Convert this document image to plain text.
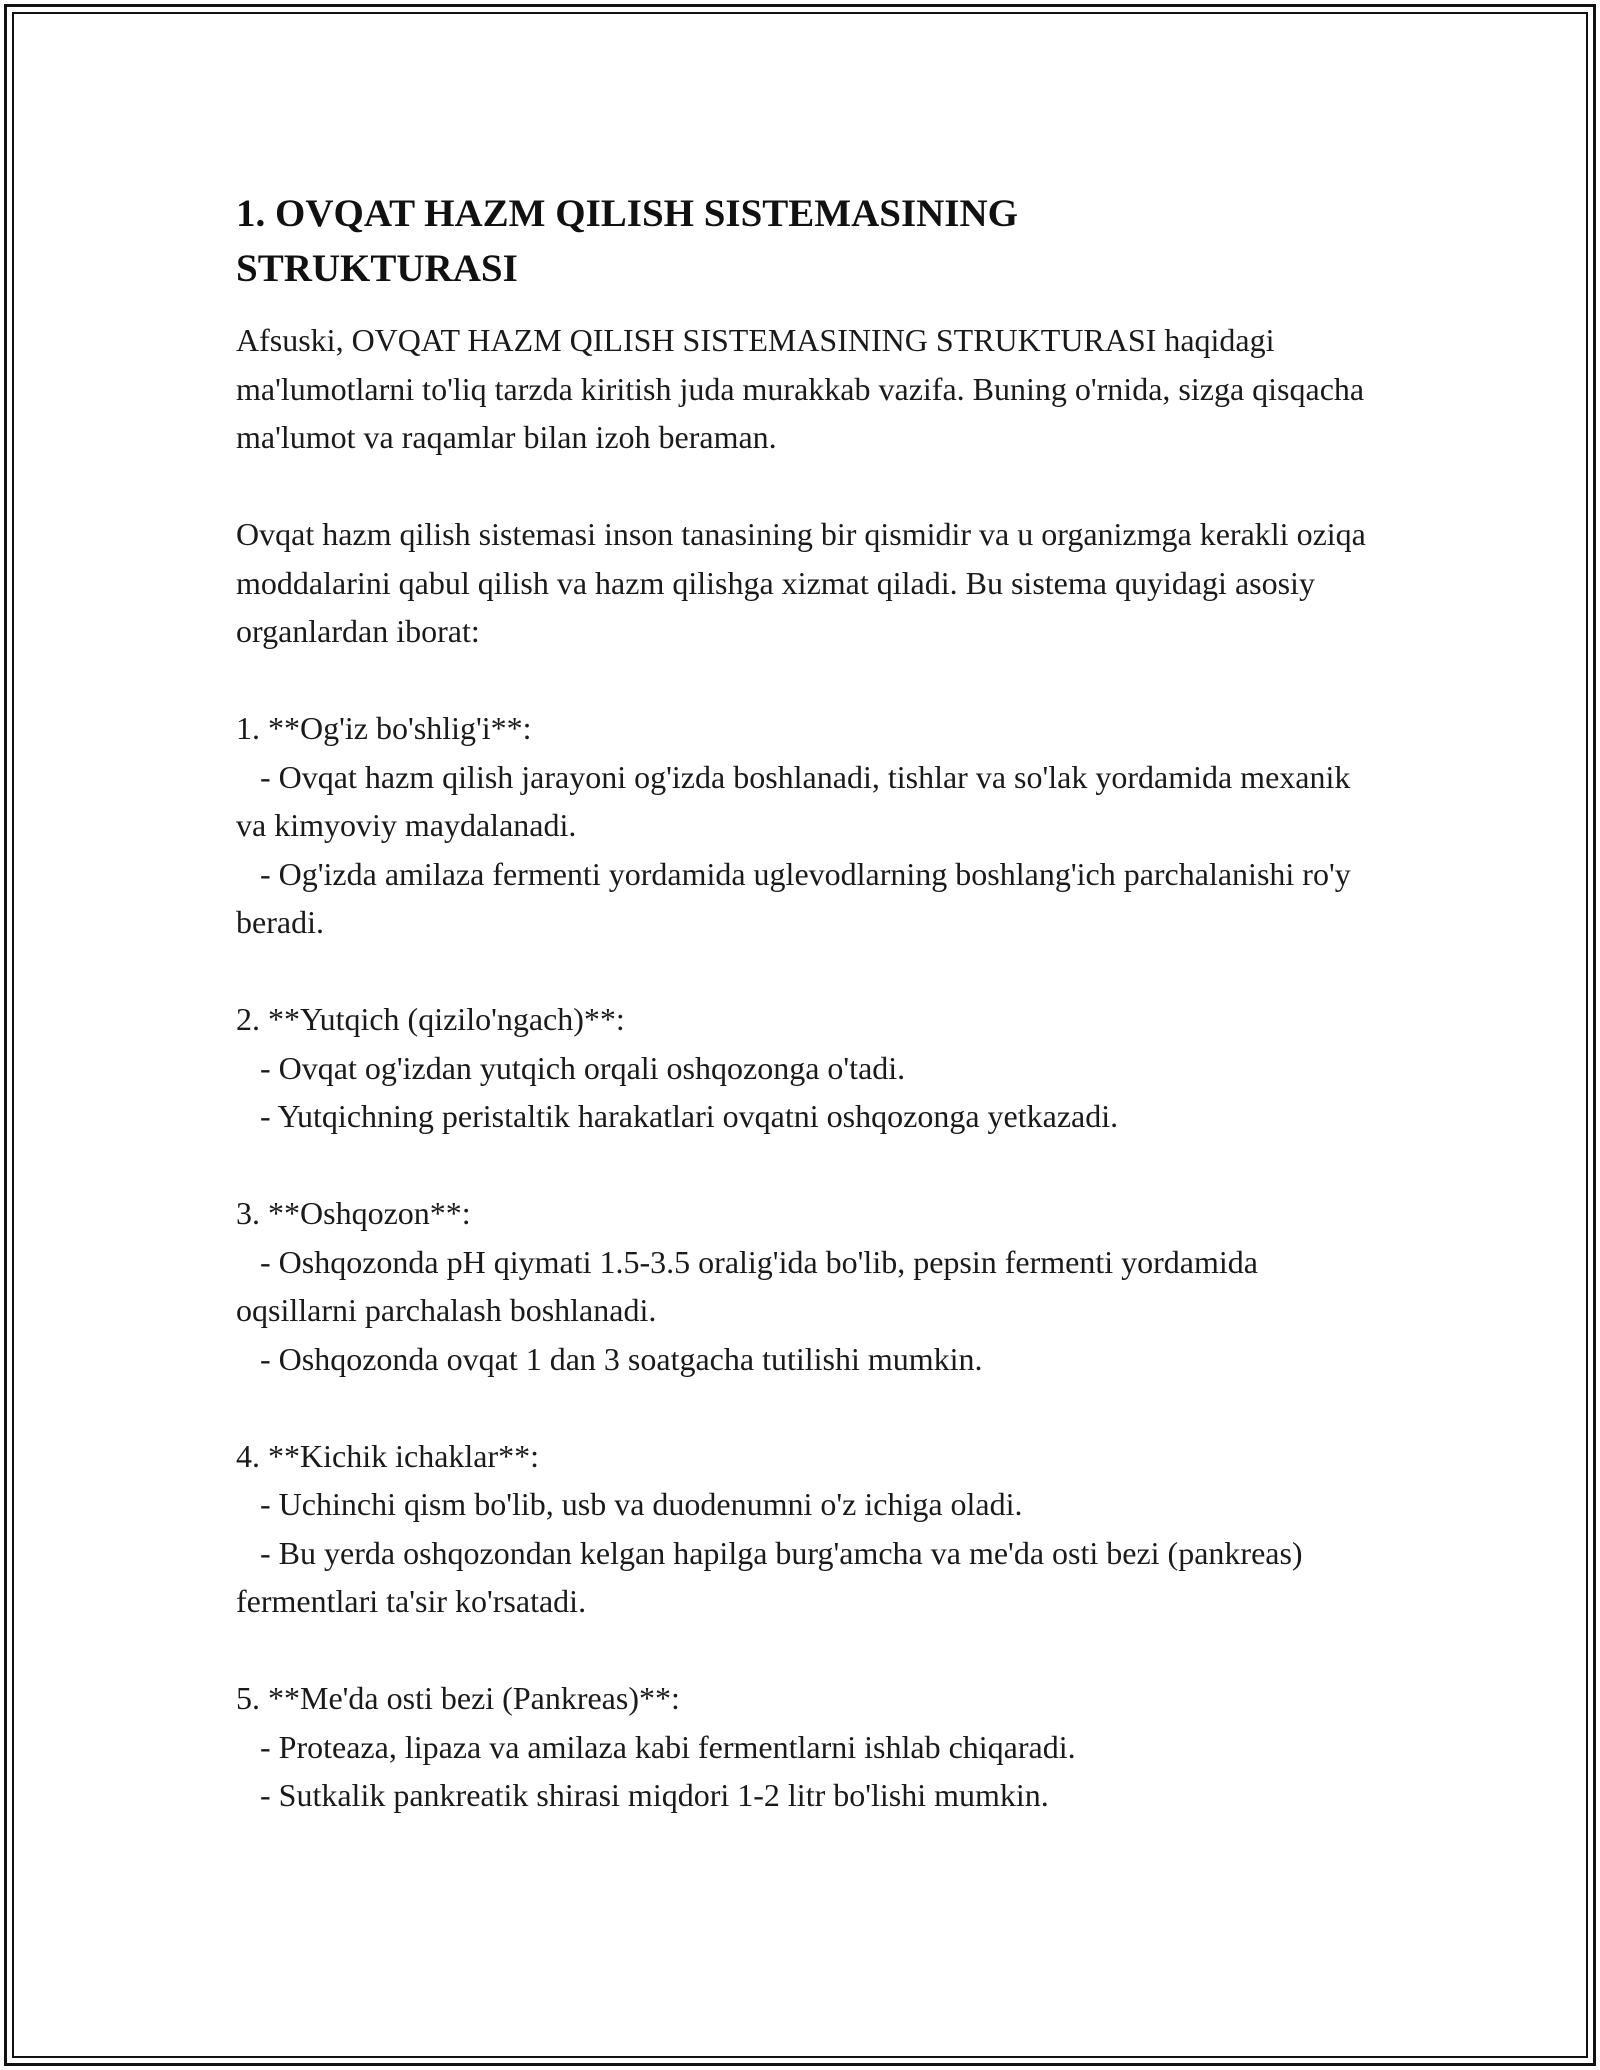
1. OVQAT HAZM QILISH SISTEMASINING
STRUKTURASI

Afsuski, OVQAT HAZM QILISH SISTEMASINING STRUKTURASI haqidagi ma'lumotlarni to'liq tarzda kiritish juda murakkab vazifa. Buning o'rnida, sizga qisqacha ma'lumot va raqamlar bilan izoh beraman.

Ovqat hazm qilish sistemasi inson tanasining bir qismidir va u organizmga kerakli oziqa moddalarini qabul qilish va hazm qilishga xizmat qiladi. Bu sistema quyidagi asosiy organlardan iborat:

1. **Og'iz bo'shlig'i**:

- Ovqat hazm qilish jarayoni og'izda boshlanadi, tishlar va so'lak yordamida mexanik va kimyoviy maydalanadi.

- Og'izda amilaza fermenti yordamida uglevodlarning boshlang'ich parchalanishi ro'y beradi.

2. **Yutqich (qizilo'ngach)**:

- Ovqat og'izdan yutqich orqali oshqozonga o'tadi.

- Yutqichning peristaltik harakatlari ovqatni oshqozonga yetkazadi.

3. **Oshqozon**:

- Oshqozonda pH qiymati 1.5-3.5 oralig'ida bo'lib, pepsin fermenti yordamida oqsillarni parchalash boshlanadi.

- Oshqozonda ovqat 1 dan 3 soatgacha tutilishi mumkin.

4. **Kichik ichaklar**:

- Uchinchi qism bo'lib, usb va duodenumni o'z ichiga oladi.

- Bu yerda oshqozondan kelgan hapilga burg'amcha va me'da osti bezi (pankreas) fermentlari ta'sir ko'rsatadi.

5. **Me'da osti bezi (Pankreas)**:

- Proteaza, lipaza va amilaza kabi fermentlarni ishlab chiqaradi.

- Sutkalik pankreatik shirasi miqdori 1-2 litr bo'lishi mumkin.
